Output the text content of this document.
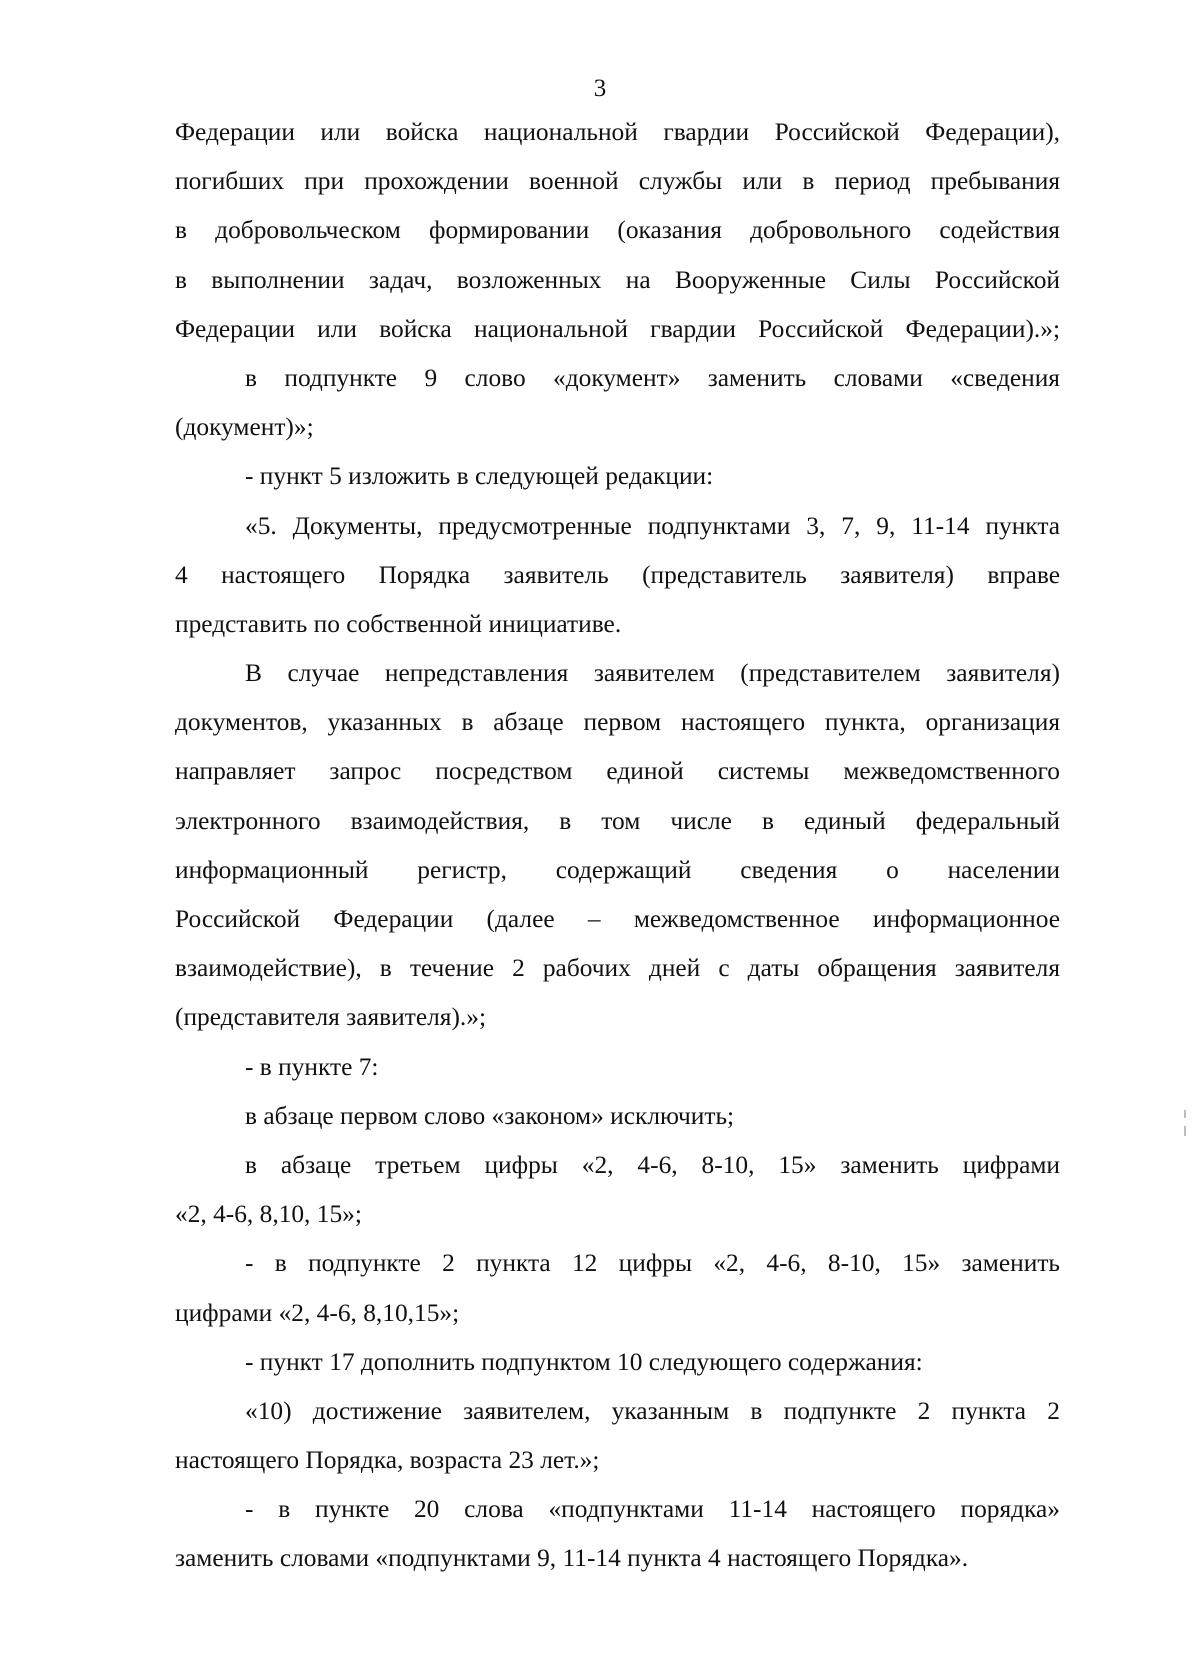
3
Федерации или войска национальной гвардии Российской Федерации),
погибших при прохождении военной службы или в период пребывания
в добровольческом формировании (оказания добровольного содействия
в выполнении задач, возложенных на Вооруженные Силы Российской
Федерации или войска национальной гвардии Российской Федерации).»;
в подпункте 9 слово «документ» заменить словами «сведения
(документ)»;
- пункт 5 изложить в следующей редакции:
«5. Документы, предусмотренные подпунктами 3, 7, 9, 11-14 пункта
4 настоящего Порядка заявитель (представитель заявителя) вправе
представить по собственной инициативе.
В случае непредставления заявителем (представителем заявителя)
документов, указанных в абзаце первом настоящего пункта, организация
направляет запрос посредством единой системы межведомственного
электронного взаимодействия, в том числе в единый федеральный
информационный регистр, содержащий сведения о населении
Российской Федерации (далее – межведомственное информационное
взаимодействие), в течение 2 рабочих дней с даты обращения заявителя
(представителя заявителя).»;
- в пункте 7:
в абзаце первом слово «законом» исключить;
в абзаце третьем цифры «2, 4-6, 8-10, 15» заменить цифрами
«2, 4-6, 8,10, 15»;
- в подпункте 2 пункта 12 цифры «2, 4-6, 8-10, 15» заменить
цифрами «2, 4-6, 8,10,15»;
- пункт 17 дополнить подпунктом 10 следующего содержания:
«10) достижение заявителем, указанным в подпункте 2 пункта 2
настоящего Порядка, возраста 23 лет.»;
- в пункте 20 слова «подпунктами 11-14 настоящего порядка»
заменить словами «подпунктами 9, 11-14 пункта 4 настоящего Порядка».
